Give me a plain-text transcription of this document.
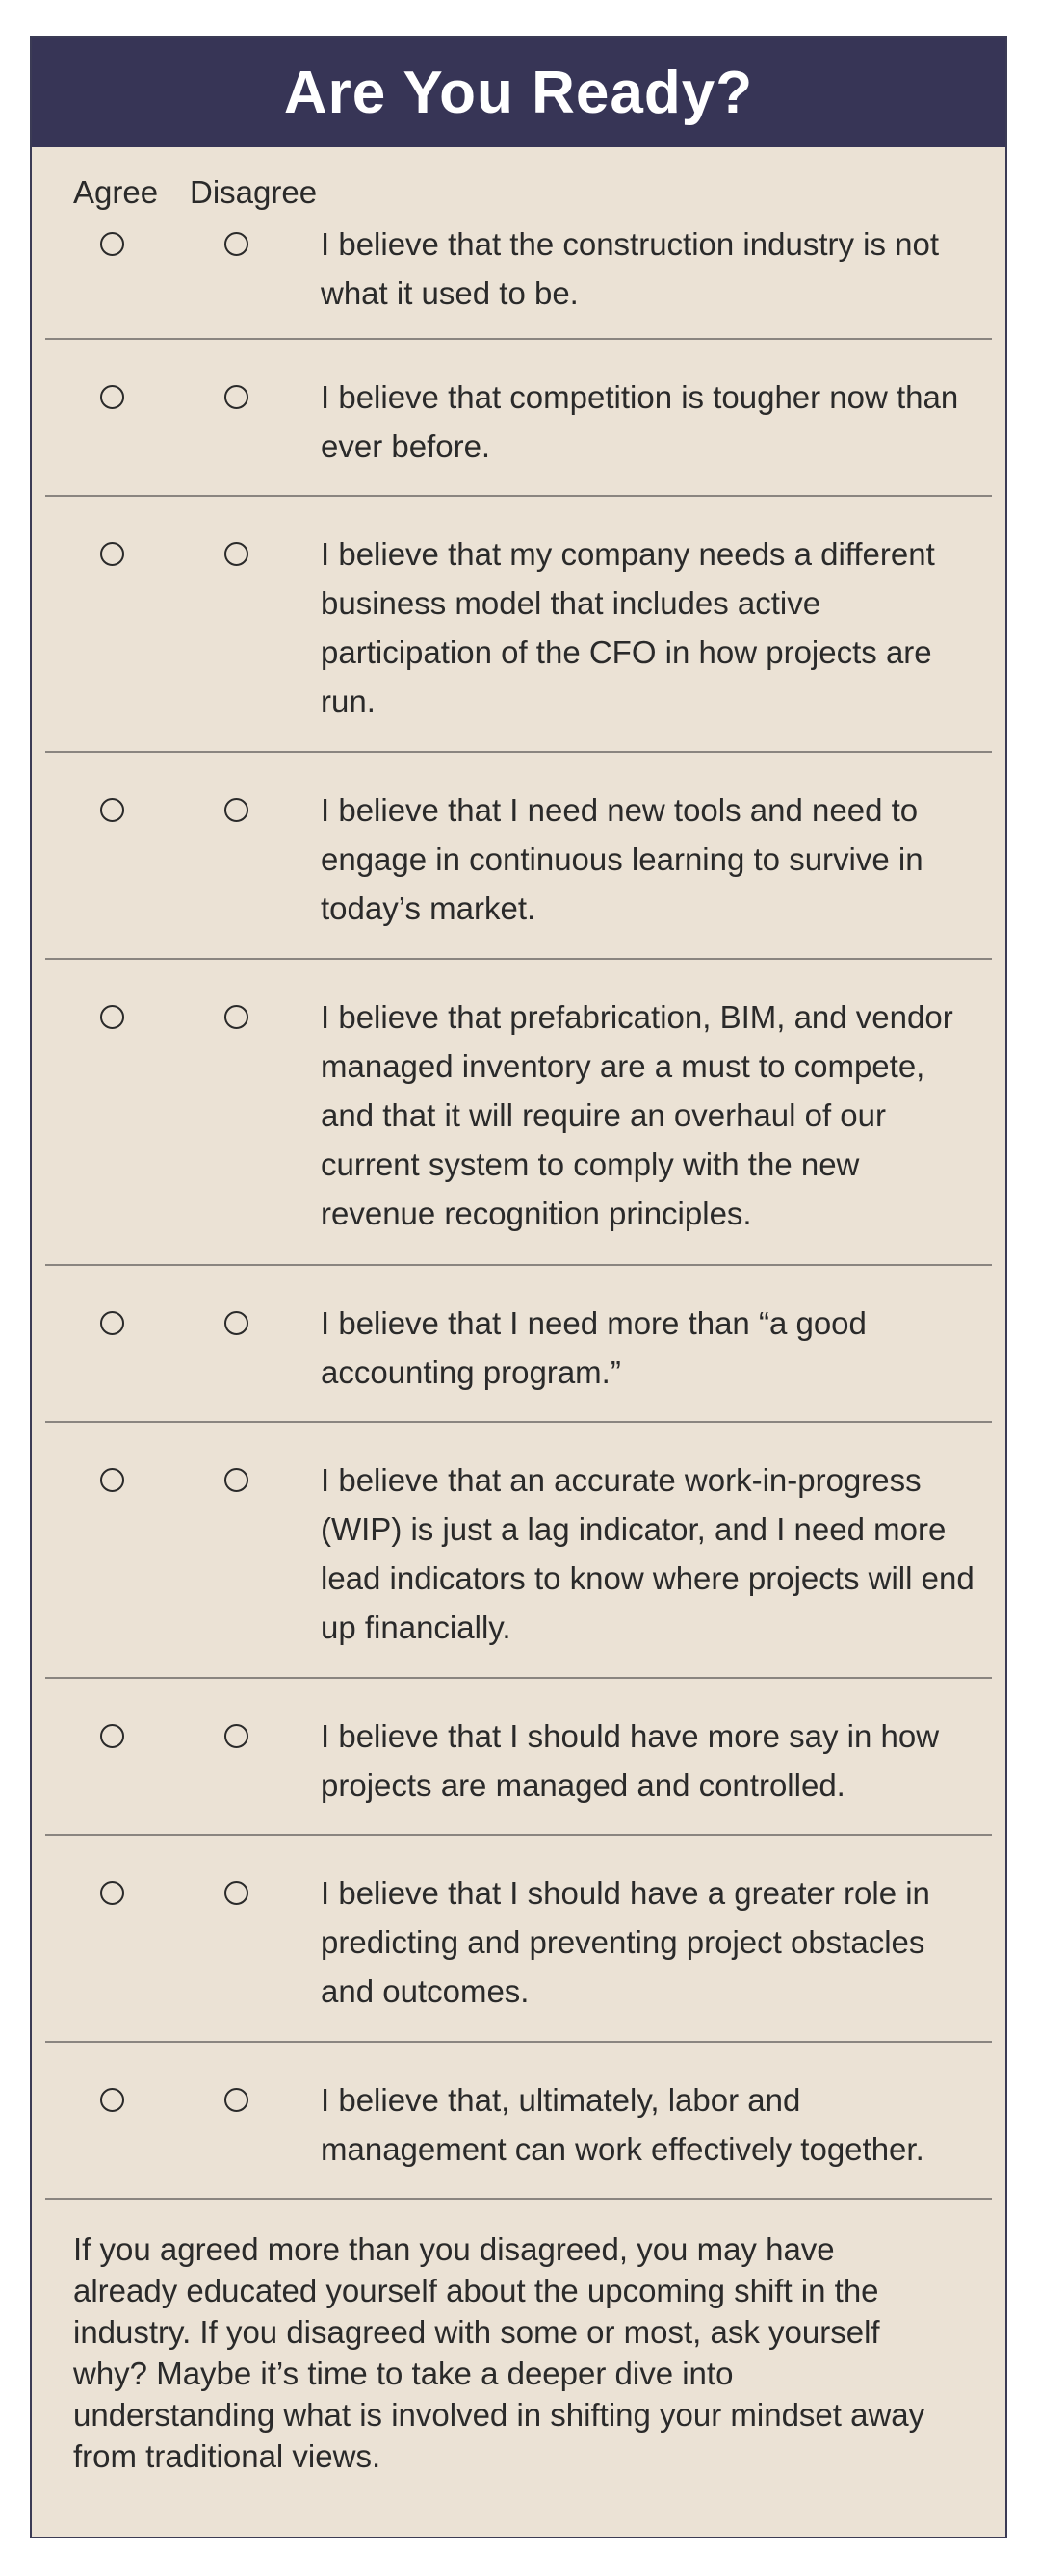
Are You Ready?
Agree Disagree
I believe that the construction industry is not what it used to be.
I believe that competition is tougher now than ever before.
I believe that my company needs a different business model that includes active participation of the CFO in how projects are run.
I believe that I need new tools and need to engage in continuous learning to survive in today’s market.
I believe that prefabrication, BIM, and vendor managed inventory are a must to compete, and that it will require an overhaul of our current system to comply with the new revenue recognition principles.
I believe that I need more than “a good accounting program.”
I believe that an accurate work-in-progress (WIP) is just a lag indicator, and I need more lead indicators to know where projects will end up financially.
I believe that I should have more say in how projects are managed and controlled.
I believe that I should have a greater role in predicting and preventing project obstacles and outcomes.
I believe that, ultimately, labor and management can work effectively together.
If you agreed more than you disagreed, you may have already educated yourself about the upcoming shift in the industry. If you disagreed with some or most, ask yourself why? Maybe it’s time to take a deeper dive into understanding what is involved in shifting your mindset away from traditional views.
